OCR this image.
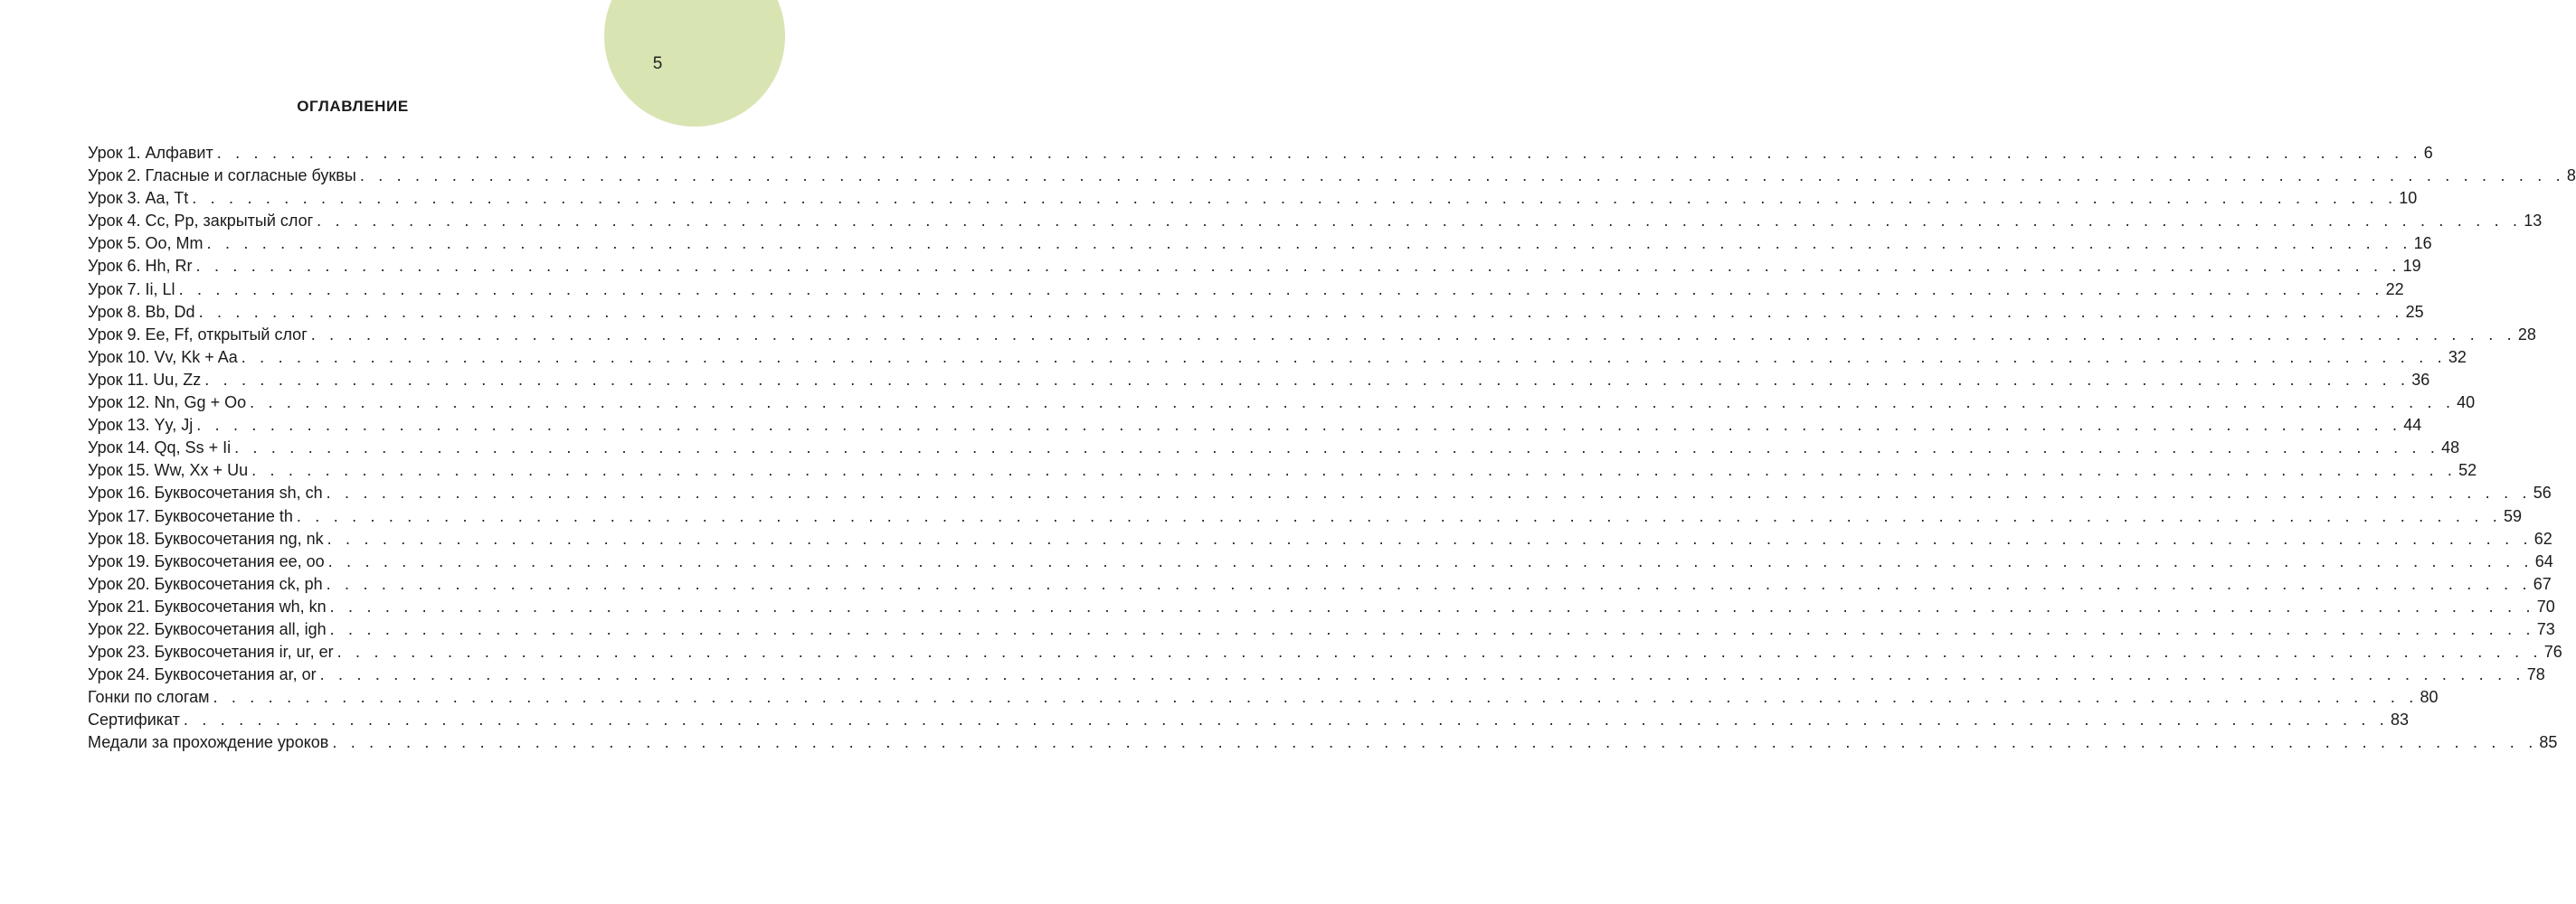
5
ОГЛАВЛЕНИЕ
Урок 1. Алфавит . . . . . . . . . . . . . . . . . . . . . . . . . . . . . . . . . . . . . . . . . . . . . . . . . . . . . . . . . . . . . . . . . . . . . . . . . . . . . . . . . . . . . . . . . . . . . . . . . . . . . . . . . . . . . . . . . . . . . . . . 6
Урок 2. Гласные и согласные буквы . . . . . . . . . . . . . . . . . . . . . . . . . . . . . . . . . . . . . . . . . . . . . . . . . . . . . . . . . . . . . . . . . . . . . . . . . . . . . . . . . . . . . . . . . . . . . . . . . . . . . . . . . . . . . . . . . . . . . . . . 8
Урок 3. Aa, Tt . . . . . . . . . . . . . . . . . . . . . . . . . . . . . . . . . . . . . . . . . . . . . . . . . . . . . . . . . . . . . . . . . . . . . . . . . . . . . . . . . . . . . . . . . . . . . . . . . . . . . . . . . . . . . . . . . . . . . . . . 10
Урок 4. Cc, Pp, закрытый слог . . . . . . . . . . . . . . . . . . . . . . . . . . . . . . . . . . . . . . . . . . . . . . . . . . . . . . . . . . . . . . . . . . . . . . . . . . . . . . . . . . . . . . . . . . . . . . . . . . . . . . . . . . . . . . . . . . . . . . . . 13
Урок 5. Oo, Mm . . . . . . . . . . . . . . . . . . . . . . . . . . . . . . . . . . . . . . . . . . . . . . . . . . . . . . . . . . . . . . . . . . . . . . . . . . . . . . . . . . . . . . . . . . . . . . . . . . . . . . . . . . . . . . . . . . . . . . . . 16
Урок 6. Hh, Rr . . . . . . . . . . . . . . . . . . . . . . . . . . . . . . . . . . . . . . . . . . . . . . . . . . . . . . . . . . . . . . . . . . . . . . . . . . . . . . . . . . . . . . . . . . . . . . . . . . . . . . . . . . . . . . . . . . . . . . . . 19
Урок 7. Ii, Ll . . . . . . . . . . . . . . . . . . . . . . . . . . . . . . . . . . . . . . . . . . . . . . . . . . . . . . . . . . . . . . . . . . . . . . . . . . . . . . . . . . . . . . . . . . . . . . . . . . . . . . . . . . . . . . . . . . . . . . . . 22
Урок 8. Bb, Dd . . . . . . . . . . . . . . . . . . . . . . . . . . . . . . . . . . . . . . . . . . . . . . . . . . . . . . . . . . . . . . . . . . . . . . . . . . . . . . . . . . . . . . . . . . . . . . . . . . . . . . . . . . . . . . . . . . . . . . . . 25
Урок 9. Ee, Ff, открытый слог . . . . . . . . . . . . . . . . . . . . . . . . . . . . . . . . . . . . . . . . . . . . . . . . . . . . . . . . . . . . . . . . . . . . . . . . . . . . . . . . . . . . . . . . . . . . . . . . . . . . . . . . . . . . . . . . . . . . . . . . 28
Урок 10. Vv, Kk + Aa . . . . . . . . . . . . . . . . . . . . . . . . . . . . . . . . . . . . . . . . . . . . . . . . . . . . . . . . . . . . . . . . . . . . . . . . . . . . . . . . . . . . . . . . . . . . . . . . . . . . . . . . . . . . . . . . . . . . . . . . 32
Урок 11. Uu, Zz . . . . . . . . . . . . . . . . . . . . . . . . . . . . . . . . . . . . . . . . . . . . . . . . . . . . . . . . . . . . . . . . . . . . . . . . . . . . . . . . . . . . . . . . . . . . . . . . . . . . . . . . . . . . . . . . . . . . . . . . 36
Урок 12. Nn, Gg + Oo . . . . . . . . . . . . . . . . . . . . . . . . . . . . . . . . . . . . . . . . . . . . . . . . . . . . . . . . . . . . . . . . . . . . . . . . . . . . . . . . . . . . . . . . . . . . . . . . . . . . . . . . . . . . . . . . . . . . . . . . 40
Урок 13. Yy, Jj . . . . . . . . . . . . . . . . . . . . . . . . . . . . . . . . . . . . . . . . . . . . . . . . . . . . . . . . . . . . . . . . . . . . . . . . . . . . . . . . . . . . . . . . . . . . . . . . . . . . . . . . . . . . . . . . . . . . . . . . 44
Урок 14. Qq, Ss + Ii . . . . . . . . . . . . . . . . . . . . . . . . . . . . . . . . . . . . . . . . . . . . . . . . . . . . . . . . . . . . . . . . . . . . . . . . . . . . . . . . . . . . . . . . . . . . . . . . . . . . . . . . . . . . . . . . . . . . . . . . 48
Урок 15. Ww, Xx + Uu . . . . . . . . . . . . . . . . . . . . . . . . . . . . . . . . . . . . . . . . . . . . . . . . . . . . . . . . . . . . . . . . . . . . . . . . . . . . . . . . . . . . . . . . . . . . . . . . . . . . . . . . . . . . . . . . . . . . . . . . 52
Урок 16. Буквосочетания sh, ch . . . . . . . . . . . . . . . . . . . . . . . . . . . . . . . . . . . . . . . . . . . . . . . . . . . . . . . . . . . . . . . . . . . . . . . . . . . . . . . . . . . . . . . . . . . . . . . . . . . . . . . . . . . . . . . . . . . . . . . . 56
Урок 17. Буквосочетание th . . . . . . . . . . . . . . . . . . . . . . . . . . . . . . . . . . . . . . . . . . . . . . . . . . . . . . . . . . . . . . . . . . . . . . . . . . . . . . . . . . . . . . . . . . . . . . . . . . . . . . . . . . . . . . . . . . . . . . . . 59
Урок 18. Буквосочетания ng, nk . . . . . . . . . . . . . . . . . . . . . . . . . . . . . . . . . . . . . . . . . . . . . . . . . . . . . . . . . . . . . . . . . . . . . . . . . . . . . . . . . . . . . . . . . . . . . . . . . . . . . . . . . . . . . . . . . . . . . . . . 62
Урок 19. Буквосочетания ee, oo . . . . . . . . . . . . . . . . . . . . . . . . . . . . . . . . . . . . . . . . . . . . . . . . . . . . . . . . . . . . . . . . . . . . . . . . . . . . . . . . . . . . . . . . . . . . . . . . . . . . . . . . . . . . . . . . . . . . . . . . 64
Урок 20. Буквосочетания ck, ph . . . . . . . . . . . . . . . . . . . . . . . . . . . . . . . . . . . . . . . . . . . . . . . . . . . . . . . . . . . . . . . . . . . . . . . . . . . . . . . . . . . . . . . . . . . . . . . . . . . . . . . . . . . . . . . . . . . . . . . . 67
Урок 21. Буквосочетания wh, kn . . . . . . . . . . . . . . . . . . . . . . . . . . . . . . . . . . . . . . . . . . . . . . . . . . . . . . . . . . . . . . . . . . . . . . . . . . . . . . . . . . . . . . . . . . . . . . . . . . . . . . . . . . . . . . . . . . . . . . . . 70
Урок 22. Буквосочетания all, igh . . . . . . . . . . . . . . . . . . . . . . . . . . . . . . . . . . . . . . . . . . . . . . . . . . . . . . . . . . . . . . . . . . . . . . . . . . . . . . . . . . . . . . . . . . . . . . . . . . . . . . . . . . . . . . . . . . . . . . . . 73
Урок 23. Буквосочетания ir, ur, er . . . . . . . . . . . . . . . . . . . . . . . . . . . . . . . . . . . . . . . . . . . . . . . . . . . . . . . . . . . . . . . . . . . . . . . . . . . . . . . . . . . . . . . . . . . . . . . . . . . . . . . . . . . . . . . . . . . . . . . . 76
Урок 24. Буквосочетания ar, or . . . . . . . . . . . . . . . . . . . . . . . . . . . . . . . . . . . . . . . . . . . . . . . . . . . . . . . . . . . . . . . . . . . . . . . . . . . . . . . . . . . . . . . . . . . . . . . . . . . . . . . . . . . . . . . . . . . . . . . . 78
Гонки по слогам . . . . . . . . . . . . . . . . . . . . . . . . . . . . . . . . . . . . . . . . . . . . . . . . . . . . . . . . . . . . . . . . . . . . . . . . . . . . . . . . . . . . . . . . . . . . . . . . . . . . . . . . . . . . . . . . . . . . . . . . 80
Сертификат . . . . . . . . . . . . . . . . . . . . . . . . . . . . . . . . . . . . . . . . . . . . . . . . . . . . . . . . . . . . . . . . . . . . . . . . . . . . . . . . . . . . . . . . . . . . . . . . . . . . . . . . . . . . . . . . . . . . . . . . 83
Медали за прохождение уроков . . . . . . . . . . . . . . . . . . . . . . . . . . . . . . . . . . . . . . . . . . . . . . . . . . . . . . . . . . . . . . . . . . . . . . . . . . . . . . . . . . . . . . . . . . . . . . . . . . . . . . . . . . . . . . . . . . . . . . . . 85
